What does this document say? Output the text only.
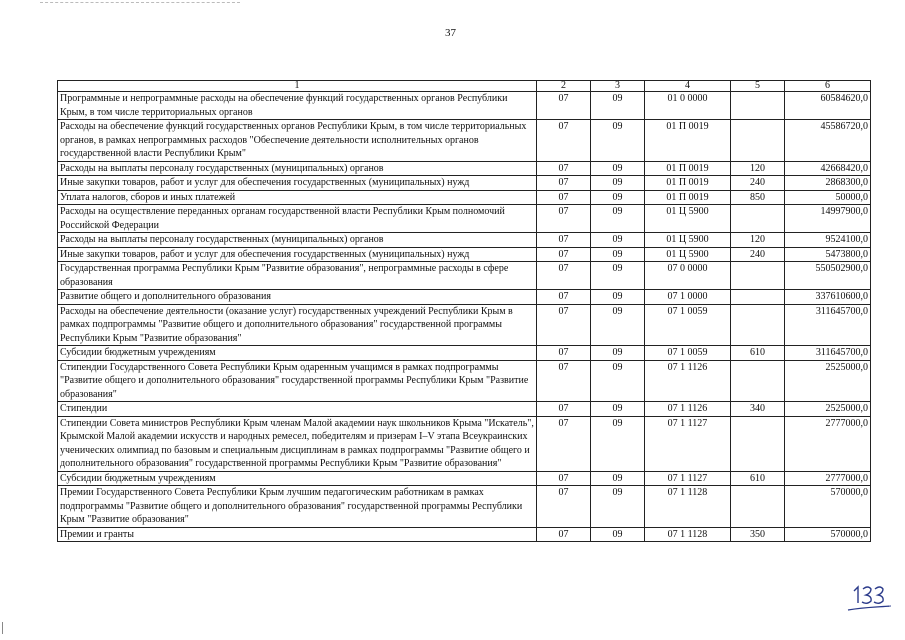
37
1	2	3	4	5	6
Программные и непрограммные расходы на обеспечение функций государственных органов Республики Крым, в том числе территориальных органов	07	09	01 0 0000		60584620,0
Расходы на обеспечение функций государственных органов Республики Крым, в том числе территориальных органов, в рамках непрограммных расходов "Обеспечение деятельности исполнительных органов государственной власти Республики Крым"	07	09	01 П 0019		45586720,0
Расходы на выплаты персоналу государственных (муниципальных) органов	07	09	01 П 0019	120	42668420,0
Иные закупки товаров, работ и услуг для обеспечения государственных (муниципальных) нужд	07	09	01 П 0019	240	2868300,0
Уплата налогов, сборов и иных платежей	07	09	01 П 0019	850	50000,0
Расходы на осуществление переданных органам государственной власти Республики Крым полномочий Российской Федерации	07	09	01 Ц 5900		14997900,0
Расходы на выплаты персоналу государственных (муниципальных) органов	07	09	01 Ц 5900	120	9524100,0
Иные закупки товаров, работ и услуг для обеспечения государственных (муниципальных) нужд	07	09	01 Ц 5900	240	5473800,0
Государственная программа Республики Крым "Развитие образования", непрограммные расходы в сфере образования	07	09	07 0 0000		550502900,0
Развитие общего и дополнительного образования	07	09	07 1 0000		337610600,0
Расходы на обеспечение деятельности (оказание услуг) государственных учреждений Республики Крым в рамках подпрограммы "Развитие общего и дополнительного образования" государственной программы Республики Крым "Развитие образования"	07	09	07 1 0059		311645700,0
Субсидии бюджетным учреждениям	07	09	07 1 0059	610	311645700,0
Стипендии Государственного Совета Республики Крым одаренным учащимся в рамках подпрограммы "Развитие общего и дополнительного образования" государственной программы Республики Крым "Развитие образования"	07	09	07 1 1126		2525000,0
Стипендии	07	09	07 1 1126	340	2525000,0
Стипендии Совета министров Республики Крым членам Малой академии наук школьников Крыма "Искатель", Крымской Малой академии искусств и народных ремесел, победителям и призерам I–V этапа Всеукраинских ученических олимпиад по базовым и специальным дисциплинам в рамках подпрограммы "Развитие общего и дополнительного образования" государственной программы Республики Крым "Развитие образования"	07	09	07 1 1127		2777000,0
Субсидии бюджетным учреждениям	07	09	07 1 1127	610	2777000,0
Премии Государственного Совета Республики Крым лучшим педагогическим работникам в рамках подпрограммы "Развитие общего и дополнительного образования" государственной программы Республики Крым "Развитие образования"	07	09	07 1 1128		570000,0
Премии и гранты	07	09	07 1 1128	350	570000,0
